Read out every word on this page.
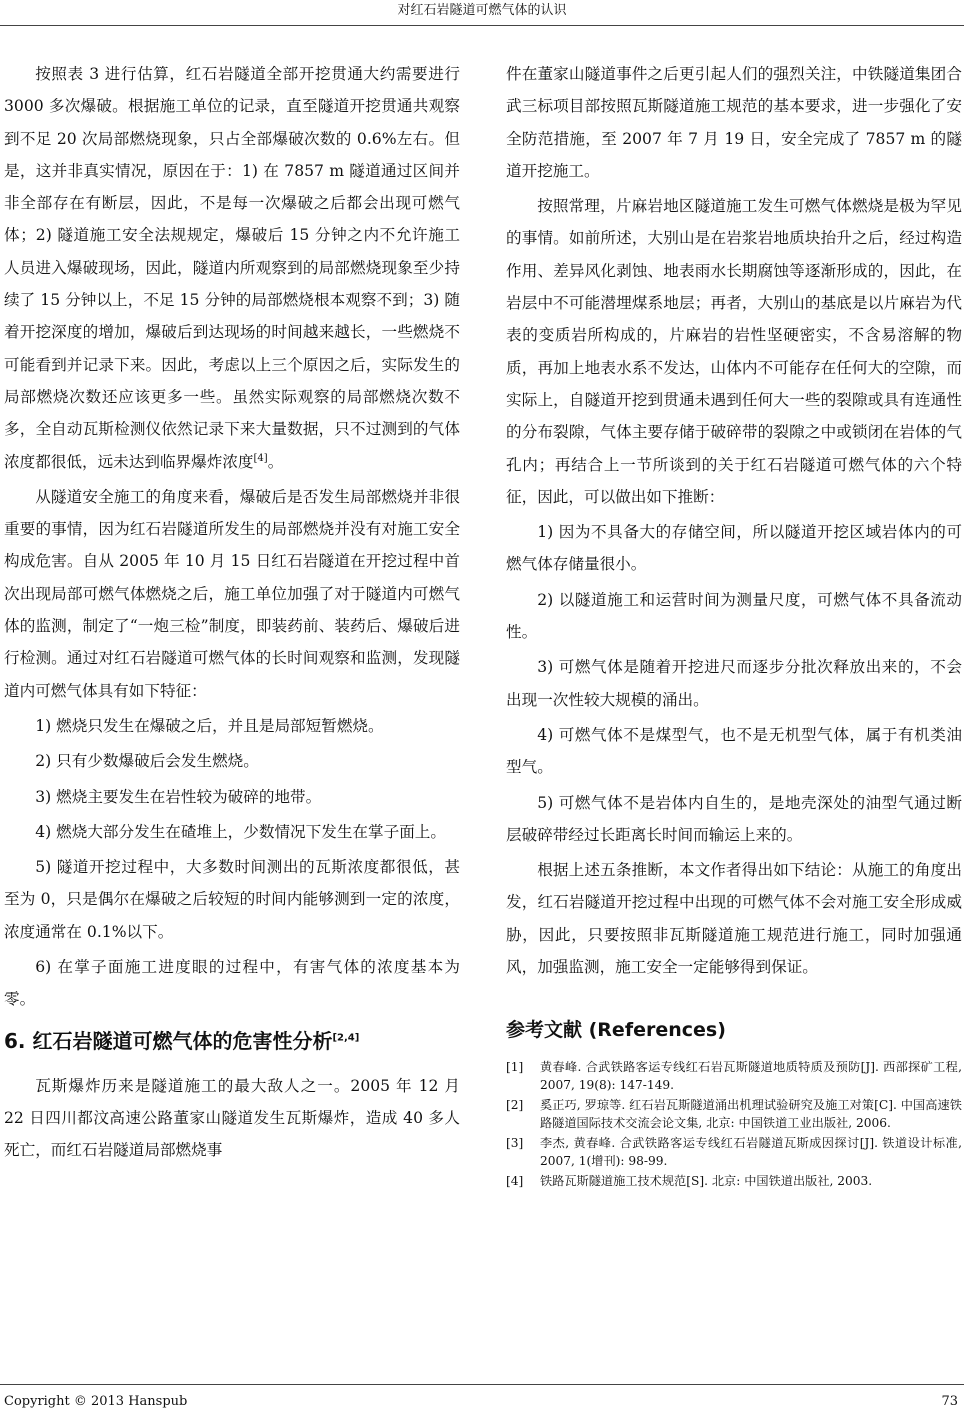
对红石岩隧道可燃气体的认识

按照表 3 进行估算，红石岩隧道全部开挖贯通大约需要进行 3000 多次爆破。根据施工单位的记录，直至隧道开挖贯通共观察到不足 20 次局部燃烧现象，只占全部爆破次数的 0.6%左右。但是，这并非真实情况，原因在于：1) 在 7857 m 隧道通过区间并非全部存在有断层，因此，不是每一次爆破之后都会出现可燃气体；2) 隧道施工安全法规规定，爆破后 15 分钟之内不允许施工人员进入爆破现场，因此，隧道内所观察到的局部燃烧现象至少持续了 15 分钟以上，不足 15 分钟的局部燃烧根本观察不到；3) 随着开挖深度的增加，爆破后到达现场的时间越来越长，一些燃烧不可能看到并记录下来。因此，考虑以上三个原因之后，实际发生的局部燃烧次数还应该更多一些。虽然实际观察的局部燃烧次数不多，全自动瓦斯检测仪依然记录下来大量数据，只不过测到的气体浓度都很低，远未达到临界爆炸浓度[4]。

从隧道安全施工的角度来看，爆破后是否发生局部燃烧并非很重要的事情，因为红石岩隧道所发生的局部燃烧并没有对施工安全构成危害。自从 2005 年 10 月 15 日红石岩隧道在开挖过程中首次出现局部可燃气体燃烧之后，施工单位加强了对于隧道内可燃气体的监测，制定了“一炮三检”制度，即装药前、装药后、爆破后进行检测。通过对红石岩隧道可燃气体的长时间观察和监测，发现隧道内可燃气体具有如下特征：

1) 燃烧只发生在爆破之后，并且是局部短暂燃烧。

2) 只有少数爆破后会发生燃烧。

3) 燃烧主要发生在岩性较为破碎的地带。

4) 燃烧大部分发生在碴堆上，少数情况下发生在掌子面上。

5) 隧道开挖过程中，大多数时间测出的瓦斯浓度都很低，甚至为 0，只是偶尔在爆破之后较短的时间内能够测到一定的浓度，浓度通常在 0.1%以下。

6) 在掌子面施工进度眼的过程中，有害气体的浓度基本为零。

6. 红石岩隧道可燃气体的危害性分析[2,4]

瓦斯爆炸历来是隧道施工的最大敌人之一。2005 年 12 月 22 日四川都汶高速公路董家山隧道发生瓦斯爆炸，造成 40 多人死亡，而红石岩隧道局部燃烧事

件在董家山隧道事件之后更引起人们的强烈关注，中铁隧道集团合武三标项目部按照瓦斯隧道施工规范的基本要求，进一步强化了安全防范措施，至 2007 年 7 月 19 日，安全完成了 7857 m 的隧道开挖施工。

按照常理，片麻岩地区隧道施工发生可燃气体燃烧是极为罕见的事情。如前所述，大别山是在岩浆岩地质块抬升之后，经过构造作用、差异风化剥蚀、地表雨水长期腐蚀等逐渐形成的，因此，在岩层中不可能潜埋煤系地层；再者，大别山的基底是以片麻岩为代表的变质岩所构成的，片麻岩的岩性坚硬密实，不含易溶解的物质，再加上地表水系不发达，山体内不可能存在任何大的空隙，而实际上，自隧道开挖到贯通未遇到任何大一些的裂隙或具有连通性的分布裂隙，气体主要存储于破碎带的裂隙之中或锁闭在岩体的气孔内；再结合上一节所谈到的关于红石岩隧道可燃气体的六个特征，因此，可以做出如下推断：

1) 因为不具备大的存储空间，所以隧道开挖区域岩体内的可燃气体存储量很小。

2) 以隧道施工和运营时间为测量尺度，可燃气体不具备流动性。

3) 可燃气体是随着开挖进尺而逐步分批次释放出来的，不会出现一次性较大规模的涌出。

4) 可燃气体不是煤型气，也不是无机型气体，属于有机类油型气。

5) 可燃气体不是岩体内自生的，是地壳深处的油型气通过断层破碎带经过长距离长时间而输运上来的。

根据上述五条推断，本文作者得出如下结论：从施工的角度出发，红石岩隧道开挖过程中出现的可燃气体不会对施工安全形成威胁，因此，只要按照非瓦斯隧道施工规范进行施工，同时加强通风，加强监测，施工安全一定能够得到保证。

参考文献 (References)
[1]	黄春峰. 合武铁路客运专线红石岩瓦斯隧道地质特质及预防[J]. 西部探矿工程, 2007, 19(8): 147-149.
[2]	奚正巧, 罗琼等. 红石岩瓦斯隧道涌出机理试验研究及施工对策[C]. 中国高速铁路隧道国际技术交流会论文集, 北京: 中国铁道工业出版社, 2006.
[3]	李杰, 黄春峰. 合武铁路客运专线红石岩隧道瓦斯成因探讨[J]. 铁道设计标准, 2007, 1(增刊): 98-99.
[4]	铁路瓦斯隧道施工技术规范[S]. 北京: 中国铁道出版社, 2003.
Copyright © 2013 Hanspub	73
